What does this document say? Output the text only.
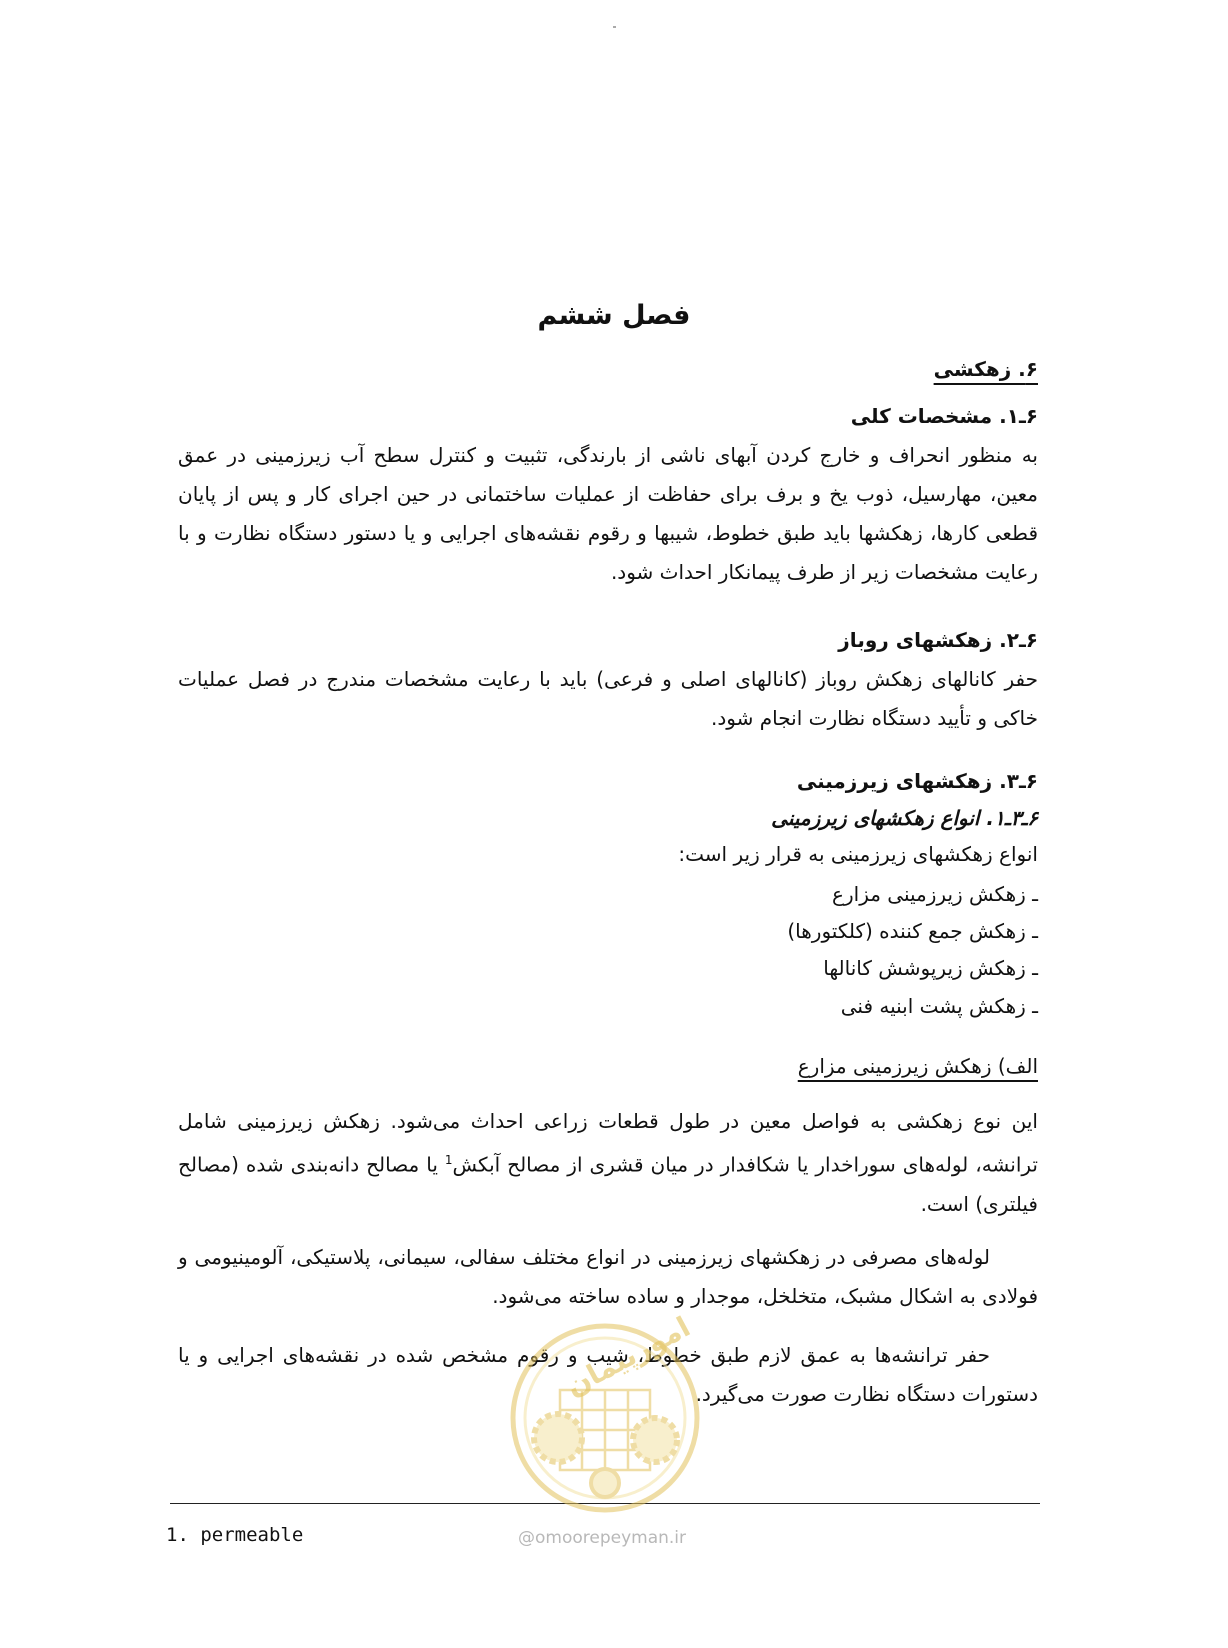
فصل ششم
۶. زهکشی
۶ـ۱. مشخصات کلی
به منظور انحراف و خارج کردن آبهای ناشی از بارندگی، تثبیت و کنترل سطح آب زیرزمینی در عمق معین، مهارسیل، ذوب یخ و برف برای حفاظت از عملیات ساختمانی در حین اجرای کار و پس از پایان قطعی کارها، زهکشها باید طبق خطوط، شیبها و رقوم نقشه‌های اجرایی و یا دستور دستگاه نظارت و با رعایت مشخصات زیر از طرف پیمانکار احداث شود.
۶ـ۲. زهکشهای روباز
حفر کانالهای زهکش روباز (کانالهای اصلی و فرعی) باید با رعایت مشخصات مندرج در فصل عملیات خاکی و تأیید دستگاه نظارت انجام شود.
۶ـ۳. زهکشهای زیرزمینی
۶ـ۳ـ۱. انواع زهکشهای زیرزمینی
انواع زهکشهای زیرزمینی به قرار زیر است:
ـ زهکش زیرزمینی مزارع
ـ زهکش جمع کننده (کلکتورها)
ـ زهکش زیرپوشش کانالها
ـ زهکش پشت ابنیه فنی
الف) زهکش زیرزمینی مزارع
این نوع زهکشی به فواصل معین در طول قطعات زراعی احداث می‌شود. زهکش زیرزمینی شامل ترانشه، لوله‌های سوراخدار یا شکافدار در میان قشری از مصالح آبکش$^1$ یا مصالح دانه‌بندی شده (مصالح فیلتری) است.
لوله‌های مصرفی در زهکشهای زیرزمینی در انواع مختلف سفالی، سیمانی، پلاستیکی، آلومینیومی و فولادی به اشکال مشبک، متخلخل، موجدار و ساده ساخته می‌شود.
حفر ترانشه‌ها به عمق لازم طبق خطوط، شیب و رقوم مشخص شده در نقشه‌های اجرایی و یا دستورات دستگاه نظارت صورت می‌گیرد.
1. permeable
امورپیمان
@omoorepeyman.ir
